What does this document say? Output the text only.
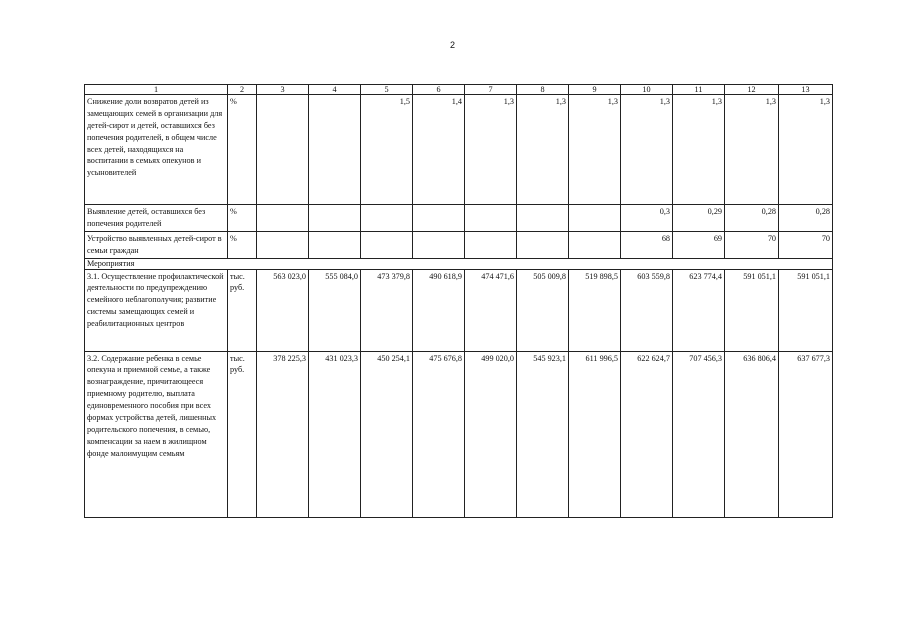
2
1	2	3	4	5	6	7	8	9	10	11	12	13
Снижение доли возвратов детей из замещающих семей в организации для детей-сирот и детей, оставшихся без попечения родителей, в общем числе всех детей, находящихся на воспитании в семьях опекунов и усыновителей	%			1,5	1,4	1,3	1,3	1,3	1,3	1,3	1,3	1,3
Выявление детей, оставшихся без попечения родителей	%								0,3	0,29	0,28	0,28
Устройство выявленных детей-сирот в семьи граждан	%								68	69	70	70
Мероприятия												
3.1. Осуществление профилактической деятельности по предупреждению семейного неблагополучия; развитие системы замещающих семей и реабилитационных центров	тыс. руб.	563 023,0	555 084,0	473 379,8	490 618,9	474 471,6	505 009,8	519 898,5	603 559,8	623 774,4	591 051,1	591 051,1
3.2. Содержание ребенка в семье опекуна и приемной семье, а также вознаграждение, причитающееся приемному родителю, выплата единовременного пособия при всех формах устройства детей, лишенных родительского попечения, в семью, компенсации за наем в жилищном фонде малоимущим семьям	тыс. руб.	378 225,3	431 023,3	450 254,1	475 676,8	499 020,0	545 923,1	611 996,5	622 624,7	707 456,3	636 806,4	637 677,3
